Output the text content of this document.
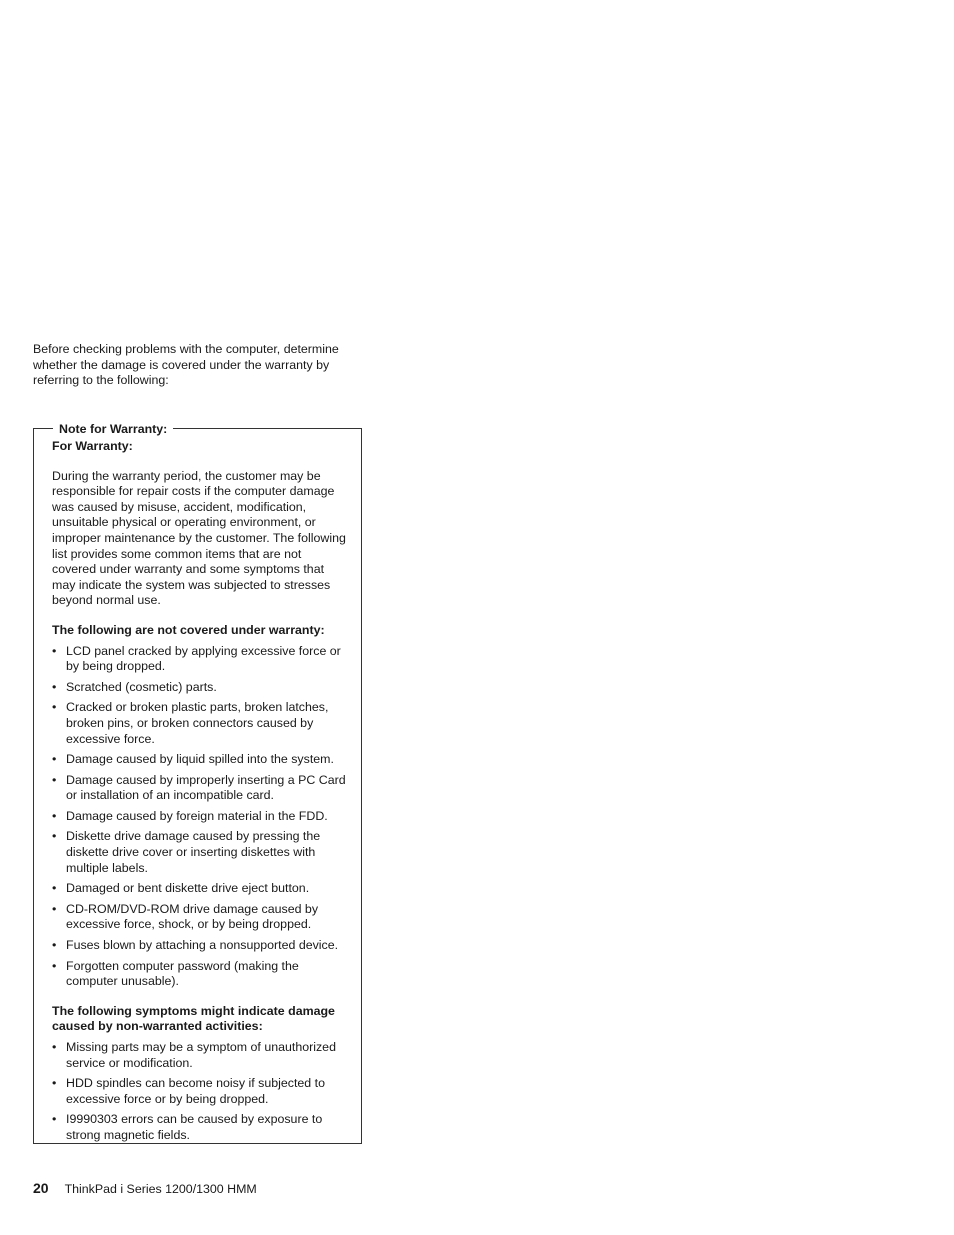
Before checking problems with the computer, determine whether the damage is covered under the warranty by referring to the following:

Note for Warranty:

For Warranty:

During the warranty period, the customer may be responsible for repair costs if the computer damage was caused by misuse, accident, modification, unsuitable physical or operating environment, or improper maintenance by the customer. The following list provides some common items that are not covered under warranty and some symptoms that may indicate the system was subjected to stresses beyond normal use.

The following are not covered under warranty:

• LCD panel cracked by applying excessive force or by being dropped.
• Scratched (cosmetic) parts.
• Cracked or broken plastic parts, broken latches, broken pins, or broken connectors caused by excessive force.
• Damage caused by liquid spilled into the system.
• Damage caused by improperly inserting a PC Card or installation of an incompatible card.
• Damage caused by foreign material in the FDD.
• Diskette drive damage caused by pressing the diskette drive cover or inserting diskettes with multiple labels.
• Damaged or bent diskette drive eject button.
• CD-ROM/DVD-ROM drive damage caused by excessive force, shock, or by being dropped.
• Fuses blown by attaching a nonsupported device.
• Forgotten computer password (making the computer unusable).

The following symptoms might indicate damage caused by non-warranted activities:

• Missing parts may be a symptom of unauthorized service or modification.
• HDD spindles can become noisy if subjected to excessive force or by being dropped.
• I9990303 errors can be caused by exposure to strong magnetic fields.
20 ThinkPad i Series 1200/1300 HMM
